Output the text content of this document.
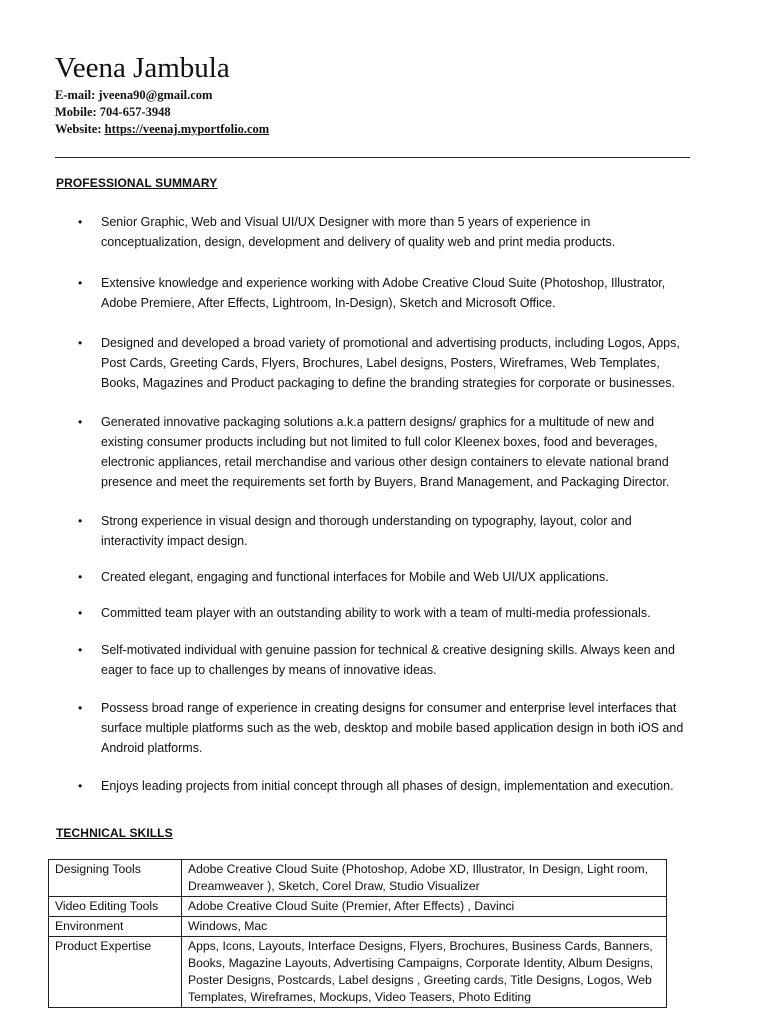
Veena Jambula
E-mail: jveena90@gmail.com
Mobile: 704-657-3948
Website: https://veenaj.myportfolio.com
PROFESSIONAL SUMMARY
• Senior Graphic, Web and Visual UI/UX Designer with more than 5 years of experience in conceptualization, design, development and delivery of quality web and print media products.
• Extensive knowledge and experience working with Adobe Creative Cloud Suite (Photoshop, Illustrator, Adobe Premiere, After Effects, Lightroom, In-Design), Sketch and Microsoft Office.
• Designed and developed a broad variety of promotional and advertising products, including Logos, Apps, Post Cards, Greeting Cards, Flyers, Brochures, Label designs, Posters, Wireframes, Web Templates, Books, Magazines and Product packaging to define the branding strategies for corporate or businesses.
• Generated innovative packaging solutions a.k.a pattern designs/ graphics for a multitude of new and existing consumer products including but not limited to full color Kleenex boxes, food and beverages, electronic appliances, retail merchandise and various other design containers to elevate national brand presence and meet the requirements set forth by Buyers, Brand Management, and Packaging Director.
• Strong experience in visual design and thorough understanding on typography, layout, color and interactivity impact design.
• Created elegant, engaging and functional interfaces for Mobile and Web UI/UX applications.
• Committed team player with an outstanding ability to work with a team of multi-media professionals.
• Self-motivated individual with genuine passion for technical & creative designing skills. Always keen and eager to face up to challenges by means of innovative ideas.
• Possess broad range of experience in creating designs for consumer and enterprise level interfaces that surface multiple platforms such as the web, desktop and mobile based application design in both iOS and Android platforms.
• Enjoys leading projects from initial concept through all phases of design, implementation and execution.
TECHNICAL SKILLS
Designing Tools	Adobe Creative Cloud Suite (Photoshop, Adobe XD, Illustrator, In Design, Light room, Dreamweaver ), Sketch, Corel Draw, Studio Visualizer
Video Editing Tools	Adobe Creative Cloud Suite (Premier, After Effects) , Davinci
Environment	Windows, Mac
Product Expertise	Apps, Icons, Layouts, Interface Designs, Flyers, Brochures, Business Cards, Banners, Books, Magazine Layouts, Advertising Campaigns, Corporate Identity, Album Designs, Poster Designs, Postcards, Label designs , Greeting cards, Title Designs, Logos, Web Templates, Wireframes, Mockups, Video Teasers, Photo Editing
